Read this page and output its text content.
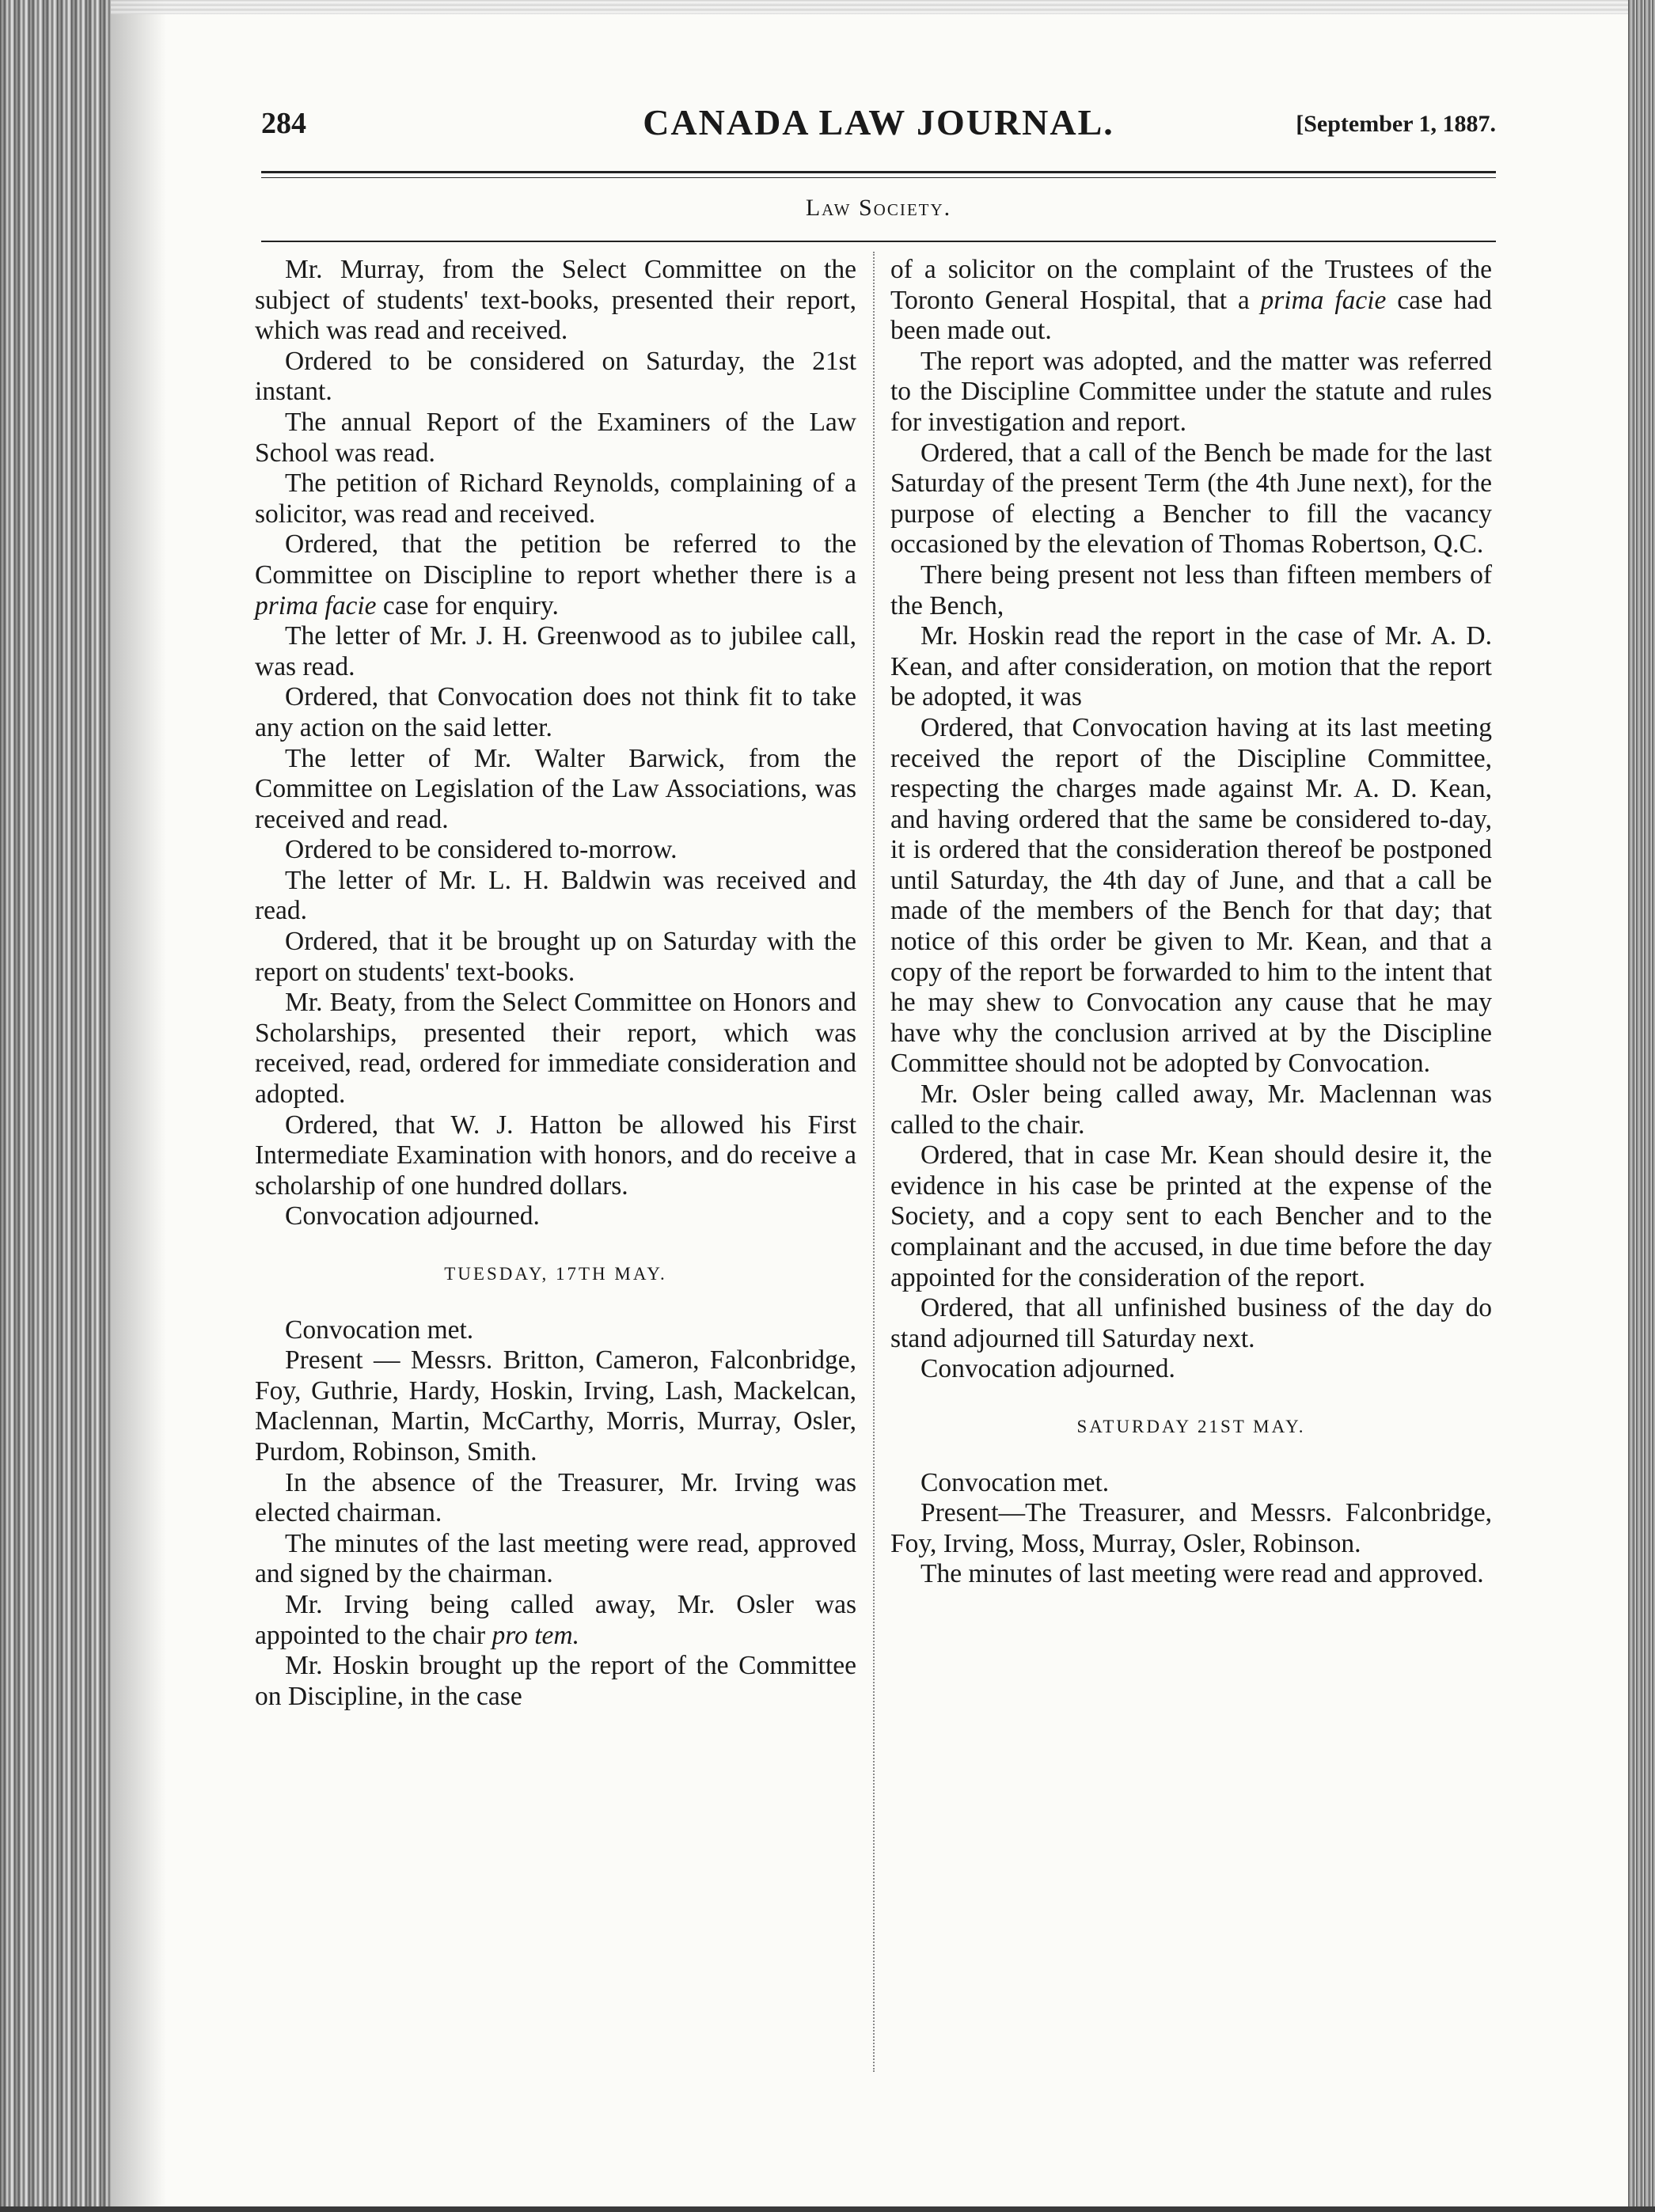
284	CANADA LAW JOURNAL.	[September 1, 1887.
Law Society.

Mr. Murray, from the Select Committee on the subject of students' text-books, presented their report, which was read and received.

Ordered to be considered on Saturday, the 21st instant.

The annual Report of the Examiners of the Law School was read.

The petition of Richard Reynolds, complaining of a solicitor, was read and received.

Ordered, that the petition be referred to the Committee on Discipline to report whether there is a prima facie case for enquiry.

The letter of Mr. J. H. Greenwood as to jubilee call, was read.

Ordered, that Convocation does not think fit to take any action on the said letter.

The letter of Mr. Walter Barwick, from the Committee on Legislation of the Law Associations, was received and read.

Ordered to be considered to-morrow.

The letter of Mr. L. H. Baldwin was received and read.

Ordered, that it be brought up on Saturday with the report on students' text-books.

Mr. Beaty, from the Select Committee on Honors and Scholarships, presented their report, which was received, read, ordered for immediate consideration and adopted.

Ordered, that W. J. Hatton be allowed his First Intermediate Examination with honors, and do receive a scholarship of one hundred dollars.

Convocation adjourned.

TUESDAY, 17TH MAY.

Convocation met.

Present — Messrs. Britton, Cameron, Falconbridge, Foy, Guthrie, Hardy, Hoskin, Irving, Lash, Mackelcan, Maclennan, Martin, McCarthy, Morris, Murray, Osler, Purdom, Robinson, Smith.

In the absence of the Treasurer, Mr. Irving was elected chairman.

The minutes of the last meeting were read, approved and signed by the chairman.

Mr. Irving being called away, Mr. Osler was appointed to the chair pro tem.

Mr. Hoskin brought up the report of the Committee on Discipline, in the case

of a solicitor on the complaint of the Trustees of the Toronto General Hospital, that a prima facie case had been made out.

The report was adopted, and the matter was referred to the Discipline Committee under the statute and rules for investigation and report.

Ordered, that a call of the Bench be made for the last Saturday of the present Term (the 4th June next), for the purpose of electing a Bencher to fill the vacancy occasioned by the elevation of Thomas Robertson, Q.C.

There being present not less than fifteen members of the Bench,

Mr. Hoskin read the report in the case of Mr. A. D. Kean, and after consideration, on motion that the report be adopted, it was

Ordered, that Convocation having at its last meeting received the report of the Discipline Committee, respecting the charges made against Mr. A. D. Kean, and having ordered that the same be considered to-day, it is ordered that the consideration thereof be postponed until Saturday, the 4th day of June, and that a call be made of the members of the Bench for that day; that notice of this order be given to Mr. Kean, and that a copy of the report be forwarded to him to the intent that he may shew to Convocation any cause that he may have why the conclusion arrived at by the Discipline Committee should not be adopted by Convocation.

Mr. Osler being called away, Mr. Maclennan was called to the chair.

Ordered, that in case Mr. Kean should desire it, the evidence in his case be printed at the expense of the Society, and a copy sent to each Bencher and to the complainant and the accused, in due time before the day appointed for the consideration of the report.

Ordered, that all unfinished business of the day do stand adjourned till Saturday next.

Convocation adjourned.

SATURDAY 21ST MAY.

Convocation met.

Present—The Treasurer, and Messrs. Falconbridge, Foy, Irving, Moss, Murray, Osler, Robinson.

The minutes of last meeting were read and approved.
